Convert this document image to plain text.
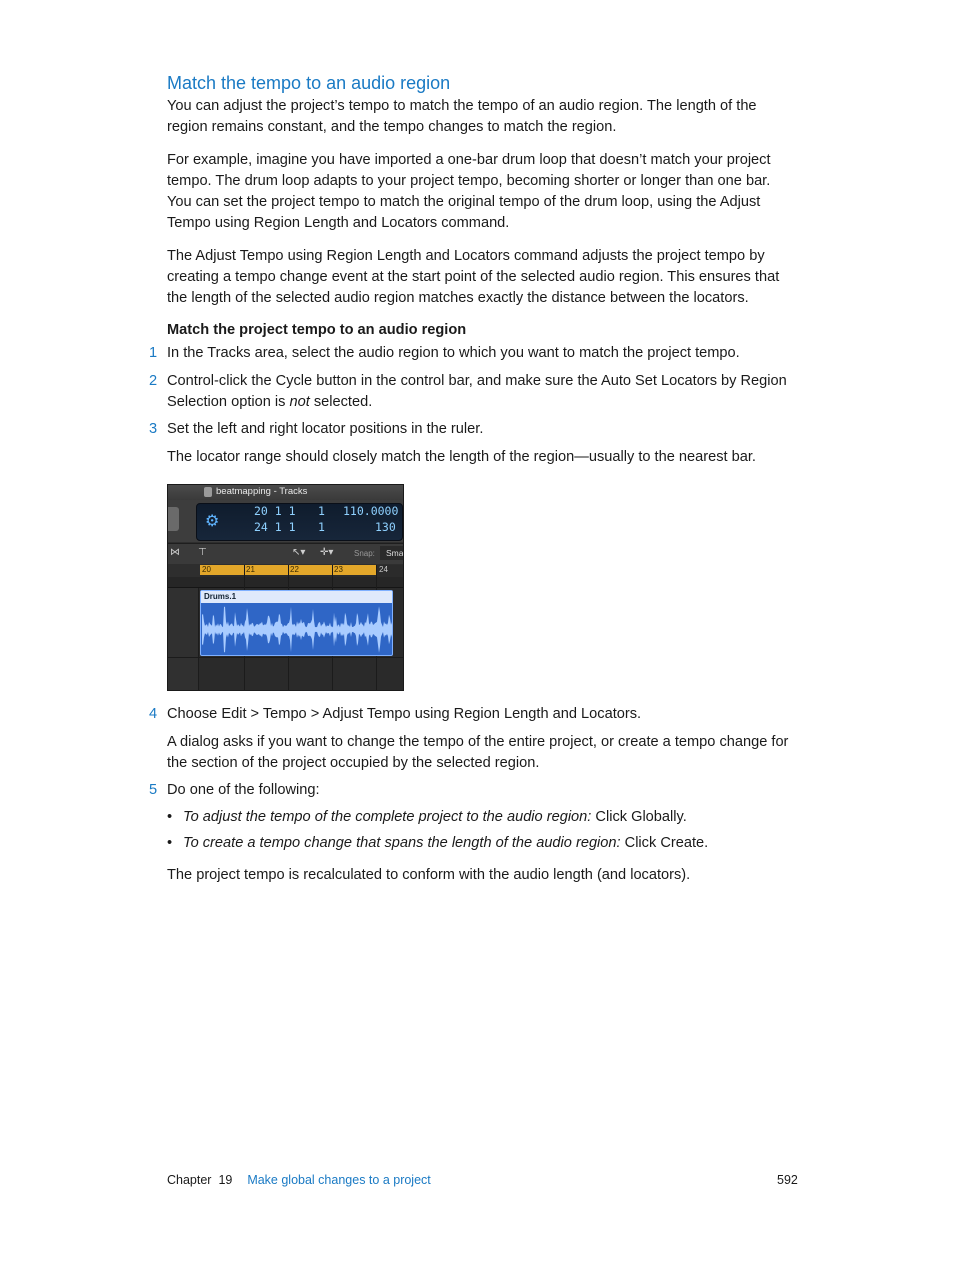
Match the tempo to an audio region

You can adjust the project’s tempo to match the tempo of an audio region. The length of the region remains constant, and the tempo changes to match the region.

For example, imagine you have imported a one-bar drum loop that doesn’t match your project tempo. The drum loop adapts to your project tempo, becoming shorter or longer than one bar. You can set the project tempo to match the original tempo of the drum loop, using the Adjust Tempo using Region Length and Locators command.

The Adjust Tempo using Region Length and Locators command adjusts the project tempo by creating a tempo change event at the start point of the selected audio region. This ensures that the length of the selected audio region matches exactly the distance between the locators.

Match the project tempo to an audio region

1 In the Tracks area, select the audio region to which you want to match the project tempo.
2 Control-click the Cycle button in the control bar, and make sure the Auto Set Locators by Region Selection option is not selected.
3 Set the left and right locator positions in the ruler.

The locator range should closely match the length of the region—usually to the nearest bar.

beatmapping - Tracks
⚙
20 1 1 1 110.0000
24 1 1 1	130
⋈ ⊤	↖▾ ✛▾	Snap:	Sma
20	21	22	23	24
Drums.1
4 Choose Edit > Tempo > Adjust Tempo using Region Length and Locators.

A dialog asks if you want to change the tempo of the entire project, or create a tempo change for the section of the project occupied by the selected region.

5 Do one of the following:
• To adjust the tempo of the complete project to the audio region: Click Globally.
• To create a tempo change that spans the length of the audio region: Click Create.

The project tempo is recalculated to conform with the audio length (and locators).

Chapter 19 Make global changes to a project	592
